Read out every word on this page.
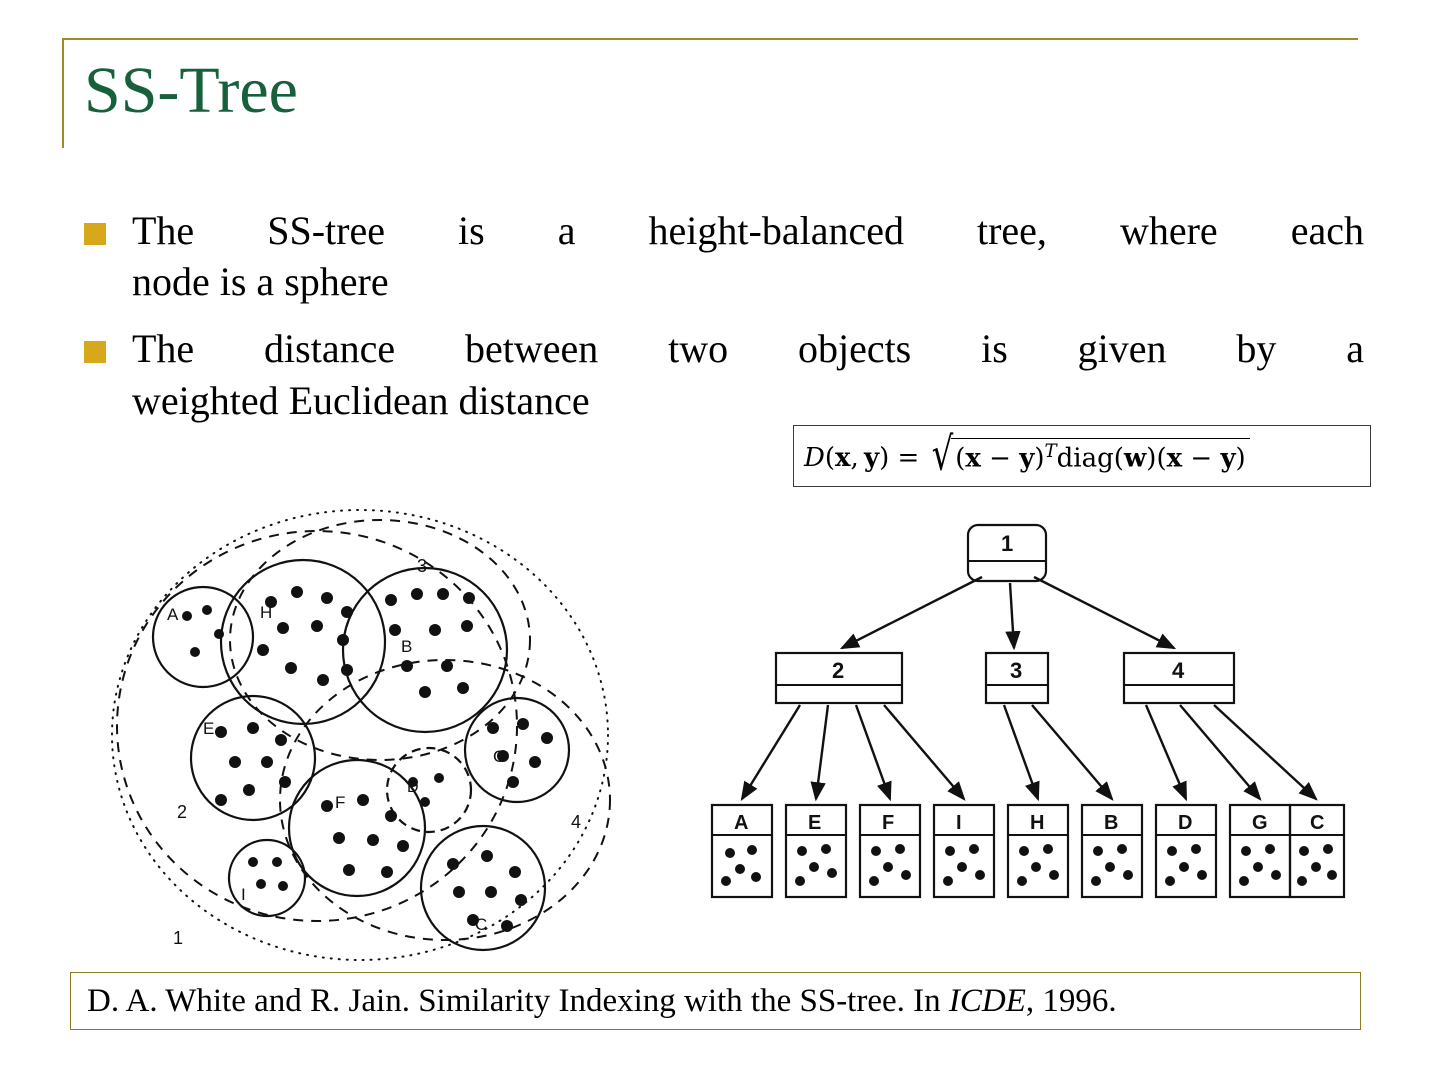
SS-Tree
The SS-tree is a height-balanced tree, where each
node is a sphere
The distance between two objects is given by a
weighted Euclidean distance
D(x, y) = √ $(x - y)^Tdiag(w)(x - y)$
A	H
B
E
F
D
G
I
C
3
2	4
1
1
2	3	4
A	E	F	I	H	B	D	G C
D. A. White and R. Jain. Similarity Indexing with the SS-tree. In ICDE, 1996.
